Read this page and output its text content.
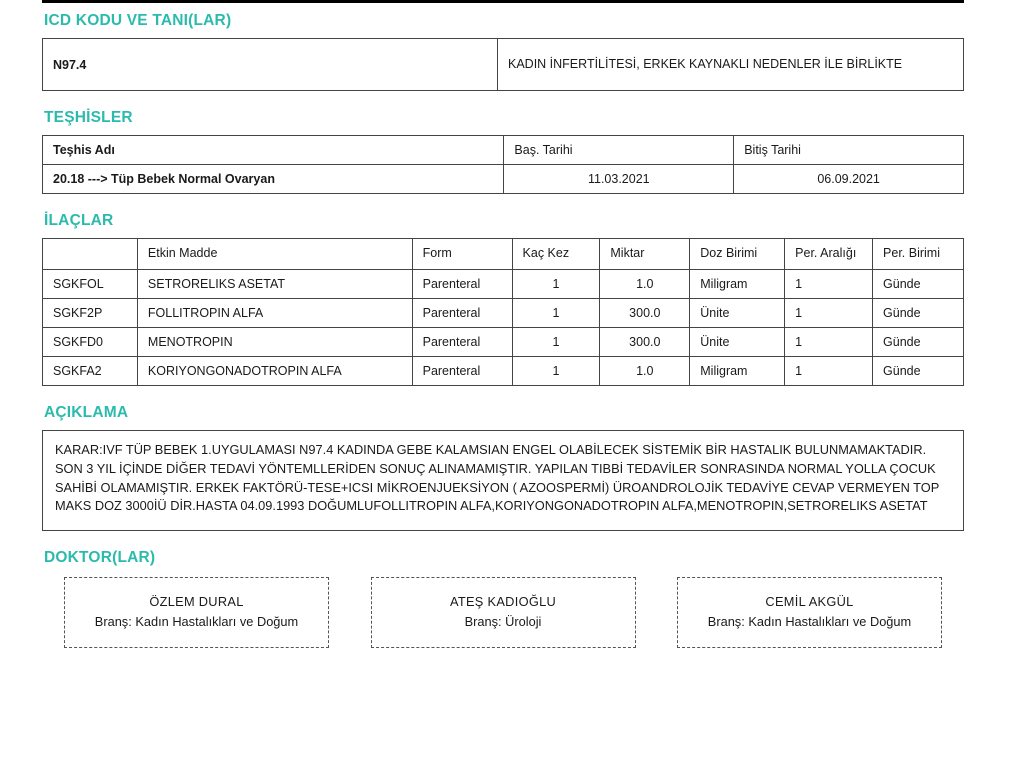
ICD KODU VE TANI(LAR)
N97.4	KADIN İNFERTİLİTESİ, ERKEK KAYNAKLI NEDENLER İLE BİRLİKTE
TEŞHİSLER
Teşhis Adı	Baş. Tarihi	Bitiş Tarihi
20.18 ---> Tüp Bebek Normal Ovaryan	11.03.2021	06.09.2021
İLAÇLAR
	Etkin Madde	Form	Kaç Kez	Miktar	Doz Birimi	Per. Aralığı	Per. Birimi
SGKFOL	SETRORELIKS ASETAT	Parenteral	1	1.0	Miligram	1	Günde
SGKF2P	FOLLITROPIN ALFA	Parenteral	1	300.0	Ünite	1	Günde
SGKFD0	MENOTROPIN	Parenteral	1	300.0	Ünite	1	Günde
SGKFA2	KORIYONGONADOTROPIN ALFA	Parenteral	1	1.0	Miligram	1	Günde
AÇIKLAMA
KARAR:IVF TÜP BEBEK 1.UYGULAMASI N97.4 KADINDA GEBE KALAMSIAN ENGEL OLABİLECEK SİSTEMİK BİR HASTALIK BULUNMAMAKTADIR. SON 3 YIL İÇİNDE DİĞER TEDAVİ YÖNTEMLLERİDEN SONUÇ ALINAMAMIŞTIR. YAPILAN TIBBİ TEDAVİLER SONRASINDA NORMAL YOLLA ÇOCUK SAHİBİ OLAMAMIŞTIR. ERKEK FAKTÖRÜ-TESE+ICSI MİKROENJUEKSİYON ( AZOOSPERMİ) ÜROANDROLOJİK TEDAVİYE CEVAP VERMEYEN TOP MAKS DOZ 3000İÜ DİR.HASTA 04.09.1993 DOĞUMLUFOLLITROPIN ALFA,KORIYONGONADOTROPIN ALFA,MENOTROPIN,SETRORELIKS ASETAT
DOKTOR(LAR)
ÖZLEM DURAL
Branş: Kadın Hastalıkları ve Doğum
ATEŞ KADIOĞLU
Branş: Üroloji
CEMİL AKGÜL
Branş: Kadın Hastalıkları ve Doğum
